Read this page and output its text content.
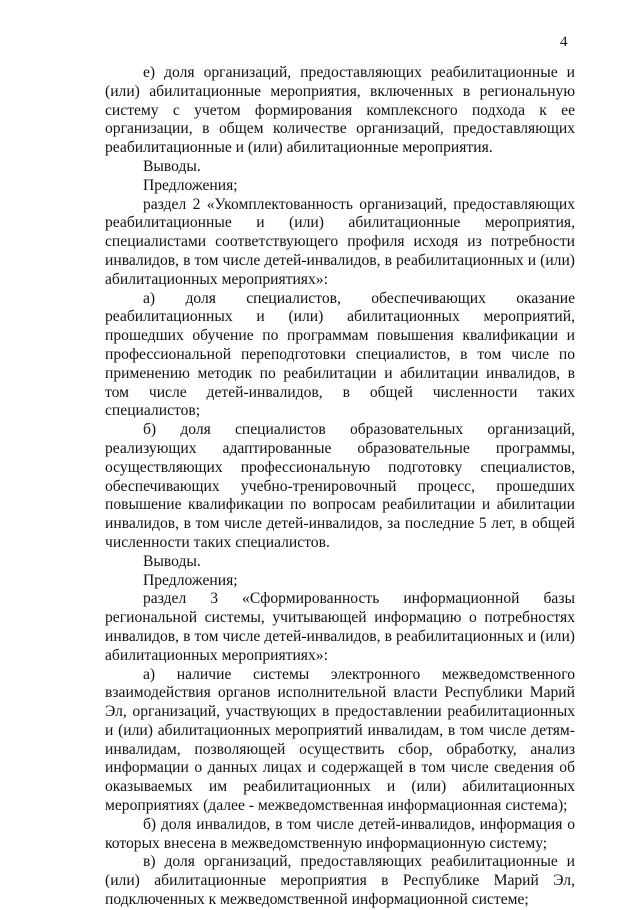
4

е) доля организаций, предоставляющих реабилитационные и (или) абилитационные мероприятия, включенных в региональную систему с учетом формирования комплексного подхода к ее организации, в общем количестве организаций, предоставляющих реабилитационные и (или) абилитационные мероприятия.

Выводы.

Предложения;

раздел 2 «Укомплектованность организаций, предоставляющих реабилитационные и (или) абилитационные мероприятия, специалистами соответствующего профиля исходя из потребности инвалидов, в том числе детей-инвалидов, в реабилитационных и (или) абилитационных мероприятиях»:

а) доля специалистов, обеспечивающих оказание реабилитационных и (или) абилитационных мероприятий, прошедших обучение по программам повышения квалификации и профессиональной переподготовки специалистов, в том числе по применению методик по реабилитации и абилитации инвалидов, в том числе детей-инвалидов, в общей численности таких специалистов;

б) доля специалистов образовательных организаций, реализующих адаптированные образовательные программы, осуществляющих профессиональную подготовку специалистов, обеспечивающих учебно-тренировочный процесс, прошедших повышение квалификации по вопросам реабилитации и абилитации инвалидов, в том числе детей-инвалидов, за последние 5 лет, в общей численности таких специалистов.

Выводы.

Предложения;

раздел 3 «Сформированность информационной базы региональной системы, учитывающей информацию о потребностях инвалидов, в том числе детей-инвалидов, в реабилитационных и (или) абилитационных мероприятиях»:

а) наличие системы электронного межведомственного взаимодействия органов исполнительной власти Республики Марий Эл, организаций, участвующих в предоставлении реабилитационных и (или) абилитационных мероприятий инвалидам, в том числе детям-инвалидам, позволяющей осуществить сбор, обработку, анализ информации о данных лицах и содержащей в том числе сведения об оказываемых им реабилитационных и (или) абилитационных мероприятиях (далее - межведомственная информационная система);

б) доля инвалидов, в том числе детей-инвалидов, информация о которых внесена в межведомственную информационную систему;

в) доля организаций, предоставляющих реабилитационные и (или) абилитационные мероприятия в Республике Марий Эл, подключенных к межведомственной информационной системе;
